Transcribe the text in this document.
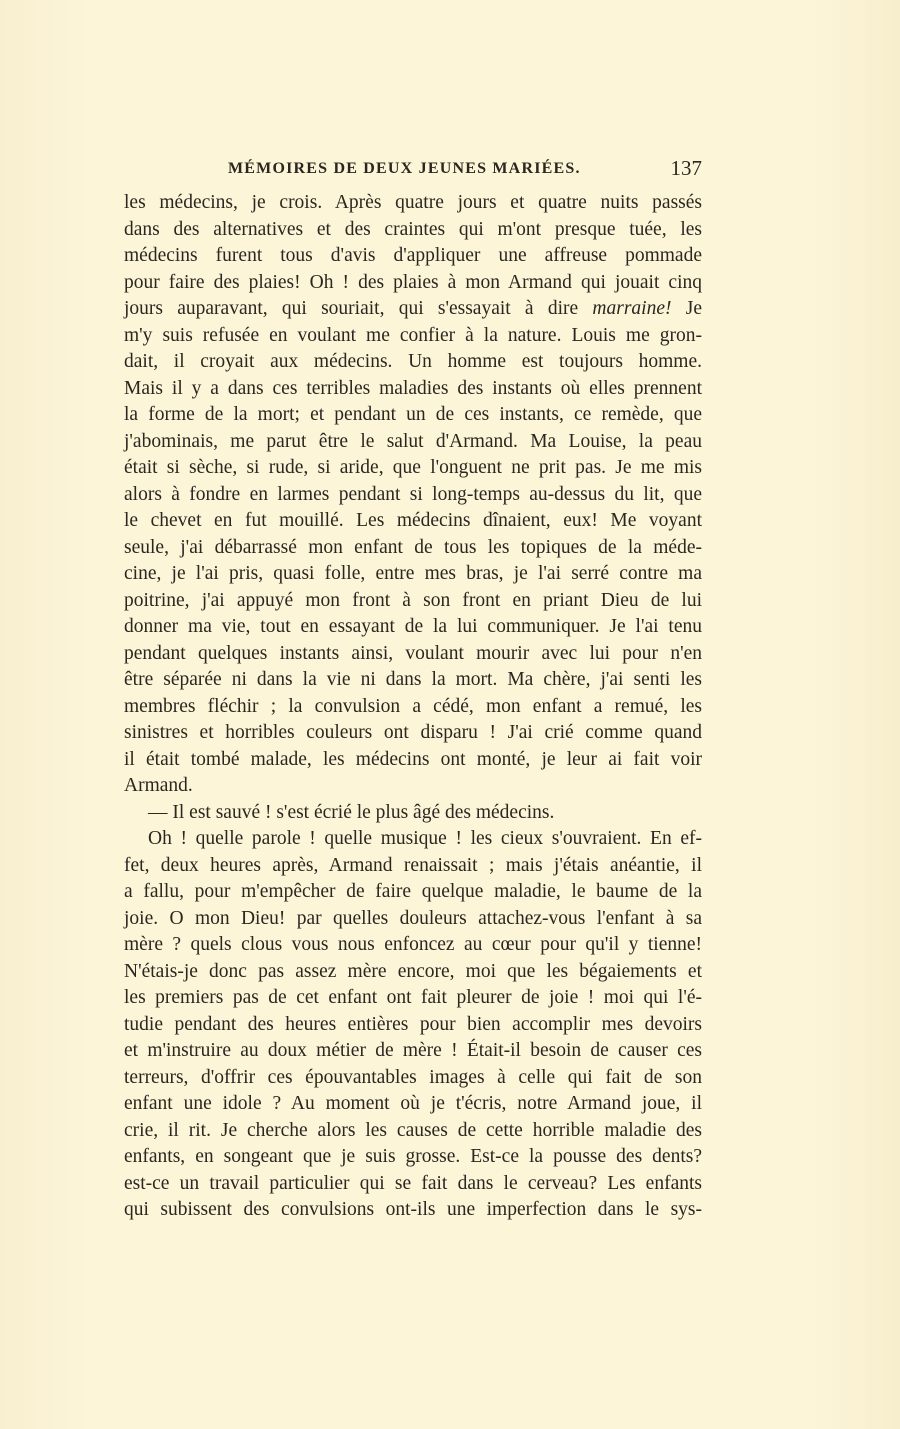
MÉMOIRES DE DEUX JEUNES MARIÉES.	137
les médecins, je crois. Après quatre jours et quatre nuits passés
dans des alternatives et des craintes qui m'ont presque tuée, les
médecins furent tous d'avis d'appliquer une affreuse pommade
pour faire des plaies! Oh ! des plaies à mon Armand qui jouait cinq
jours auparavant, qui souriait, qui s'essayait à dire marraine! Je
m'y suis refusée en voulant me confier à la nature. Louis me gron-
dait, il croyait aux médecins. Un homme est toujours homme.
Mais il y a dans ces terribles maladies des instants où elles prennent
la forme de la mort; et pendant un de ces instants, ce remède, que
j'abominais, me parut être le salut d'Armand. Ma Louise, la peau
était si sèche, si rude, si aride, que l'onguent ne prit pas. Je me mis
alors à fondre en larmes pendant si long-temps au-dessus du lit, que
le chevet en fut mouillé. Les médecins dînaient, eux! Me voyant
seule, j'ai débarrassé mon enfant de tous les topiques de la méde-
cine, je l'ai pris, quasi folle, entre mes bras, je l'ai serré contre ma
poitrine, j'ai appuyé mon front à son front en priant Dieu de lui
donner ma vie, tout en essayant de la lui communiquer. Je l'ai tenu
pendant quelques instants ainsi, voulant mourir avec lui pour n'en
être séparée ni dans la vie ni dans la mort. Ma chère, j'ai senti les
membres fléchir ; la convulsion a cédé, mon enfant a remué, les
sinistres et horribles couleurs ont disparu ! J'ai crié comme quand
il était tombé malade, les médecins ont monté, je leur ai fait voir
Armand.
— Il est sauvé ! s'est écrié le plus âgé des médecins.
Oh ! quelle parole ! quelle musique ! les cieux s'ouvraient. En ef-
fet, deux heures après, Armand renaissait ; mais j'étais anéantie, il
a fallu, pour m'empêcher de faire quelque maladie, le baume de la
joie. O mon Dieu! par quelles douleurs attachez-vous l'enfant à sa
mère ? quels clous vous nous enfoncez au cœur pour qu'il y tienne!
N'étais-je donc pas assez mère encore, moi que les bégaiements et
les premiers pas de cet enfant ont fait pleurer de joie ! moi qui l'é-
tudie pendant des heures entières pour bien accomplir mes devoirs
et m'instruire au doux métier de mère ! Était-il besoin de causer ces
terreurs, d'offrir ces épouvantables images à celle qui fait de son
enfant une idole ? Au moment où je t'écris, notre Armand joue, il
crie, il rit. Je cherche alors les causes de cette horrible maladie des
enfants, en songeant que je suis grosse. Est-ce la pousse des dents?
est-ce un travail particulier qui se fait dans le cerveau? Les enfants
qui subissent des convulsions ont-ils une imperfection dans le sys-
